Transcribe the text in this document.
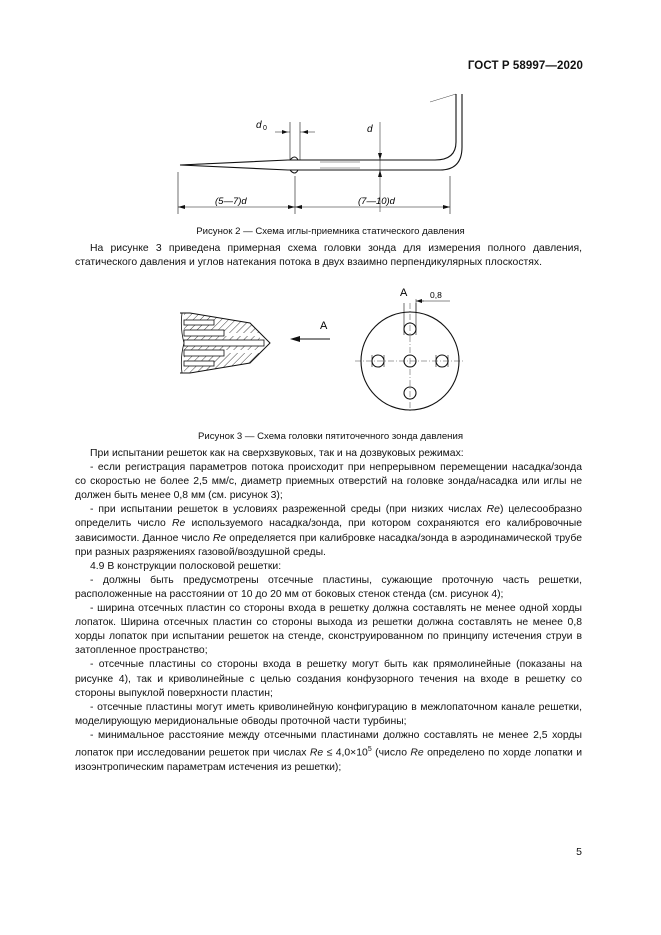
ГОСТ Р 58997—2020
d 0	d
(5—7)d	(7—10)d
Рисунок 2 — Схема иглы-приемника статического давления

На рисунке 3 приведена примерная схема головки зонда для измерения полного давления, статического давления и углов натекания потока в двух взаимно перпендикулярных плоскостях.

A
A	0,8
Рисунок 3 — Схема головки пятиточечного зонда давления

При испытании решеток как на сверхзвуковых, так и на дозвуковых режимах:

- если регистрация параметров потока происходит при непрерывном перемещении насадка/зонда со скоростью не более 2,5 мм/с, диаметр приемных отверстий на головке зонда/насадка или иглы не должен быть менее 0,8 мм (см. рисунок 3);

- при испытании решеток в условиях разреженной среды (при низких числах Re) целесообразно определить число Re используемого насадка/зонда, при котором сохраняются его калибровочные зависимости. Данное число Re определяется при калибровке насадка/зонда в аэродинамической трубе при разных разряжениях газовой/воздушной среды.

4.9 В конструкции полосковой решетки:

- должны быть предусмотрены отсечные пластины, сужающие проточную часть решетки, расположенные на расстоянии от 10 до 20 мм от боковых стенок стенда (см. рисунок 4);

- ширина отсечных пластин со стороны входа в решетку должна составлять не менее одной хорды лопаток. Ширина отсечных пластин со стороны выхода из решетки должна составлять не менее 0,8 хорды лопаток при испытании решеток на стенде, сконструированном по принципу истечения струи в затопленное пространство;

- отсечные пластины со стороны входа в решетку могут быть как прямолинейные (показаны на рисунке 4), так и криволинейные с целью создания конфузорного течения на входе в решетку со стороны выпуклой поверхности пластин;

- отсечные пластины могут иметь криволинейную конфигурацию в межлопаточном канале решетки, моделирующую меридиональные обводы проточной части турбины;

- минимальное расстояние между отсечными пластинами должно составлять не менее 2,5 хорды лопаток при исследовании решеток при числах $Re \le 4,0\times 10^5$ (число Re определено по хорде лопатки и изоэнтропическим параметрам истечения из решетки);

5
